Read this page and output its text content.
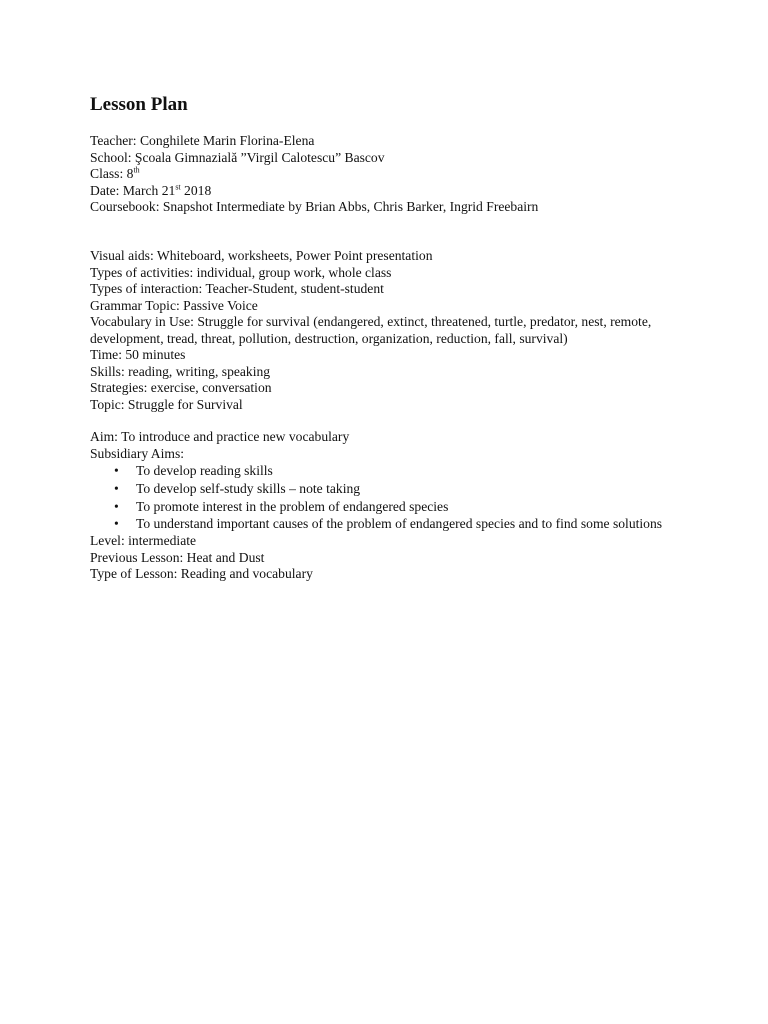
Lesson Plan
Teacher: Conghilete Marin Florina-Elena
School: Şcoala Gimnazială ”Virgil Calotescu” Bascov
Class: 8th
Date: March 21st 2018
Coursebook: Snapshot Intermediate by Brian Abbs, Chris Barker, Ingrid Freebairn
Visual aids: Whiteboard, worksheets, Power Point presentation
Types of activities: individual, group work, whole class
Types of interaction: Teacher-Student, student-student
Grammar Topic: Passive Voice
Vocabulary in Use: Struggle for survival (endangered, extinct, threatened, turtle, predator, nest, remote, development, tread, threat, pollution, destruction, organization, reduction, fall, survival)
Time: 50 minutes
Skills: reading, writing, speaking
Strategies: exercise, conversation
Topic: Struggle for Survival
Aim: To introduce and practice new vocabulary
Subsidiary Aims:
• To develop reading skills
• To develop self-study skills – note taking
• To promote interest in the problem of endangered species
• To understand important causes of the problem of endangered species and to find some solutions
Level: intermediate
Previous Lesson: Heat and Dust
Type of Lesson: Reading and vocabulary
